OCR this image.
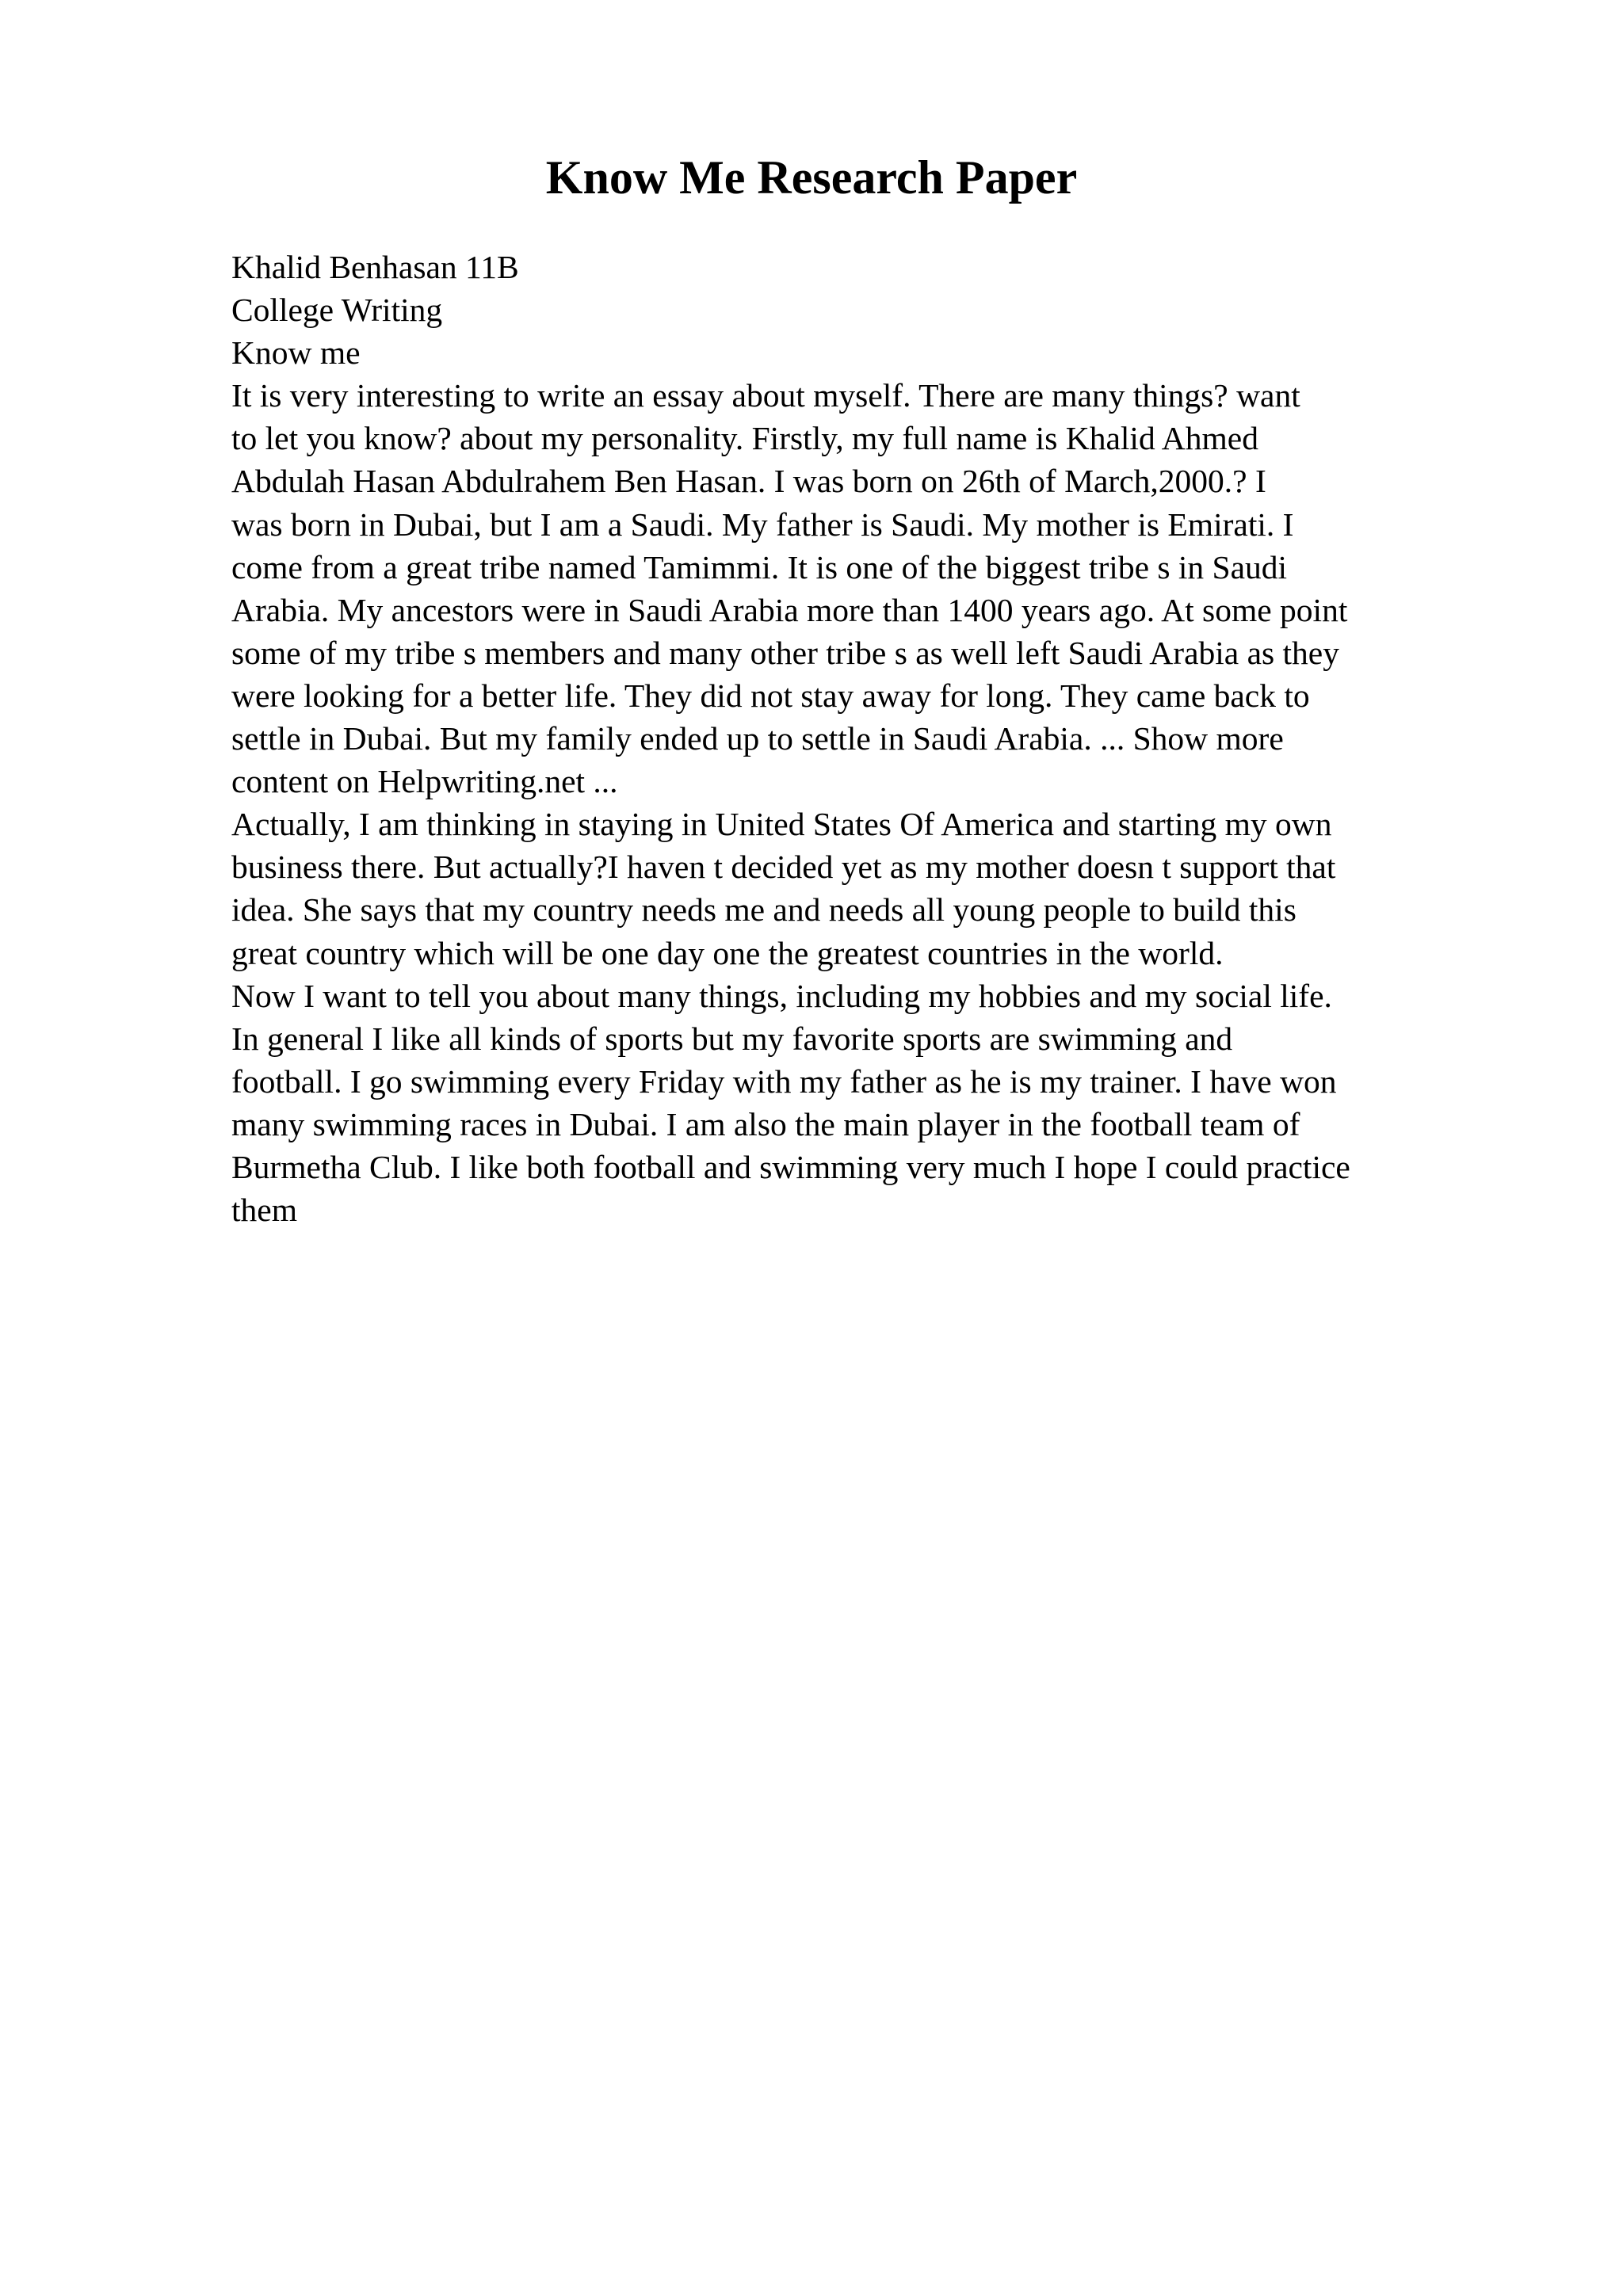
Know Me Research Paper

Khalid Benhasan 11B

College Writing

Know me

It is very interesting to write an essay about myself. There are many things? want

to let you know? about my personality. Firstly, my full name is Khalid Ahmed

Abdulah Hasan Abdulrahem Ben Hasan. I was born on 26th of March,2000.? I

was born in Dubai, but I am a Saudi. My father is Saudi. My mother is Emirati. I

come from a great tribe named Tamimmi. It is one of the biggest tribe s in Saudi

Arabia. My ancestors were in Saudi Arabia more than 1400 years ago. At some point

some of my tribe s members and many other tribe s as well left Saudi Arabia as they

were looking for a better life. They did not stay away for long. They came back to

settle in Dubai. But my family ended up to settle in Saudi Arabia. ... Show more

content on Helpwriting.net ...

Actually, I am thinking in staying in United States Of America and starting my own

business there. But actually?I haven t decided yet as my mother doesn t support that

idea. She says that my country needs me and needs all young people to build this

great country which will be one day one the greatest countries in the world.

Now I want to tell you about many things, including my hobbies and my social life.

In general I like all kinds of sports but my favorite sports are swimming and

football. I go swimming every Friday with my father as he is my trainer. I have won

many swimming races in Dubai. I am also the main player in the football team of

Burmetha Club. I like both football and swimming very much I hope I could practice

them
